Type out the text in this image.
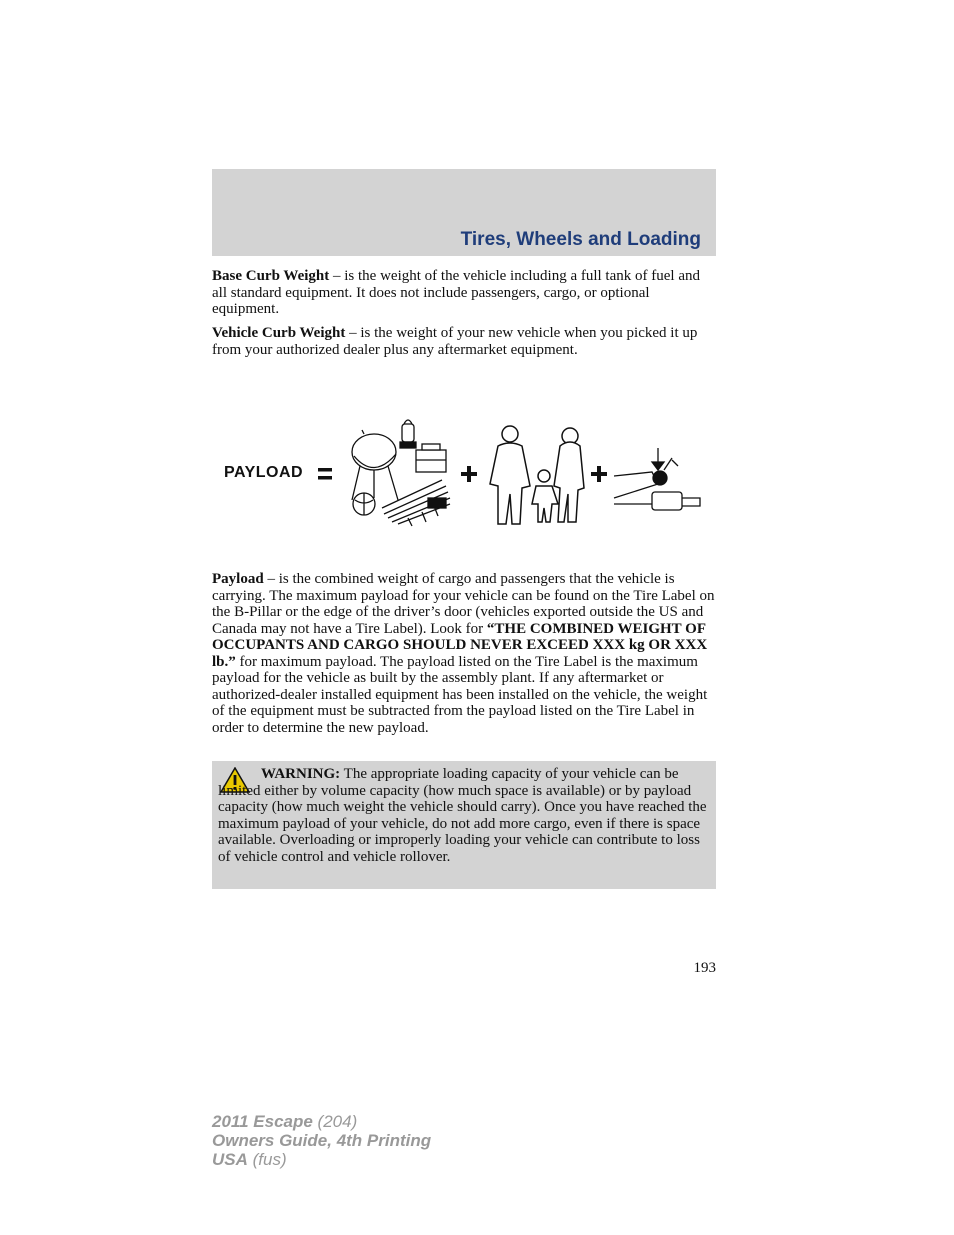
Tires, Wheels and Loading

Base Curb Weight – is the weight of the vehicle including a full tank of fuel and all standard equipment. It does not include passengers, cargo, or optional equipment.

Vehicle Curb Weight – is the weight of your new vehicle when you picked it up from your authorized dealer plus any aftermarket equipment.

PAYLOAD

Payload – is the combined weight of cargo and passengers that the vehicle is carrying. The maximum payload for your vehicle can be found on the Tire Label on the B-Pillar or the edge of the driver’s door (vehicles exported outside the US and Canada may not have a Tire Label). Look for “THE COMBINED WEIGHT OF OCCUPANTS AND CARGO SHOULD NEVER EXCEED XXX kg OR XXX lb.” for maximum payload. The payload listed on the Tire Label is the maximum payload for the vehicle as built by the assembly plant. If any aftermarket or authorized-dealer installed equipment has been installed on the vehicle, the weight of the equipment must be subtracted from the payload listed on the Tire Label in order to determine the new payload.

WARNING: The appropriate loading capacity of your vehicle can be limited either by volume capacity (how much space is available) or by payload capacity (how much weight the vehicle should carry). Once you have reached the maximum payload of your vehicle, do not add more cargo, even if there is space available. Overloading or improperly loading your vehicle can contribute to loss of vehicle control and vehicle rollover.

193
2011 Escape (204)
Owners Guide, 4th Printing
USA (fus)
